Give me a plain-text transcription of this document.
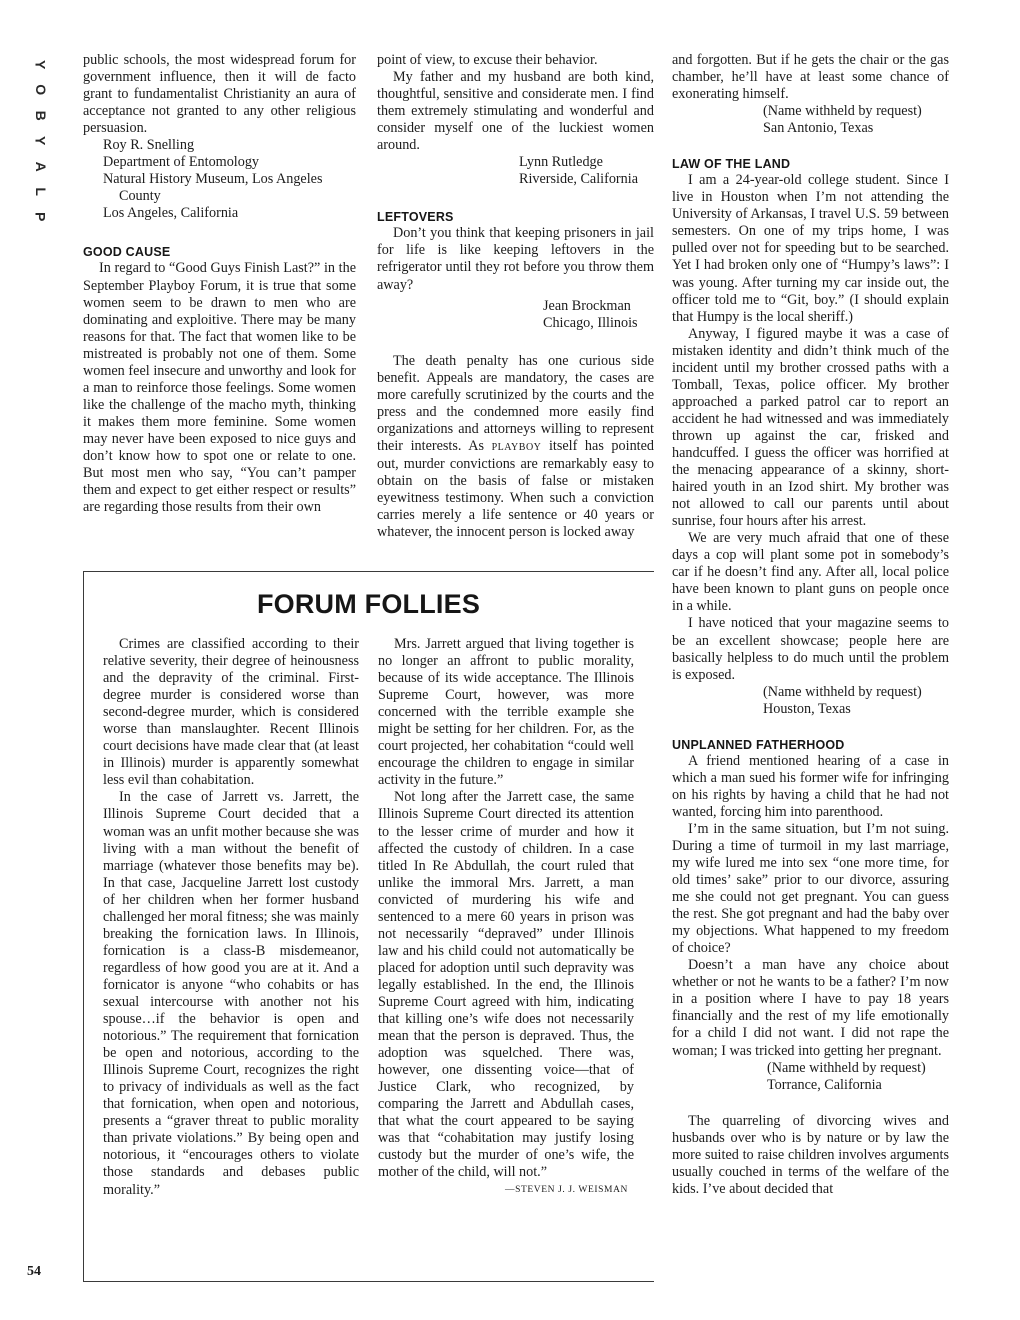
Y
O
B
Y
A
L
P

public schools, the most widespread forum for government influence, then it will de facto grant to fundamentalist Christianity an aura of acceptance not granted to any other religious persuasion.

Roy R. Snelling
Department of Entomology
Natural History Museum, Los Angeles
County
Los Angeles, California
GOOD CAUSE

In regard to “Good Guys Finish Last?” in the September Playboy Forum, it is true that some women seem to be drawn to men who are dominating and exploitive. There may be many reasons for that. The fact that women like to be mistreated is probably not one of them. Some women feel insecure and unworthy and look for a man to reinforce those feelings. Some women like the challenge of the macho myth, thinking it makes them more feminine. Some women may never have been exposed to nice guys and don’t know how to spot one or relate to one. But most men who say, “You can’t pamper them and expect to get either respect or results” are regarding those results from their own

point of view, to excuse their behavior.

My father and my husband are both kind, thoughtful, sensitive and considerate men. I find them extremely stimulating and wonderful and consider myself one of the luckiest women around.

Lynn Rutledge
Riverside, California
LEFTOVERS

Don’t you think that keeping prisoners in jail for life is like keeping leftovers in the refrigerator until they rot before you throw them away?

Jean Brockman
Chicago, Illinois

The death penalty has one curious side benefit. Appeals are mandatory, the cases are more carefully scrutinized by the courts and the press and the condemned more easily find organizations and attorneys willing to represent their interests. As PLAYBOY itself has pointed out, murder convictions are remarkably easy to obtain on the basis of false or mistaken eyewitness testimony. When such a conviction carries merely a life sentence or 40 years or whatever, the innocent person is locked away

and forgotten. But if he gets the chair or the gas chamber, he’ll have at least some chance of exonerating himself.

(Name withheld by request)
San Antonio, Texas
LAW OF THE LAND

I am a 24-year-old college student. Since I live in Houston when I’m not attending the University of Arkansas, I travel U.S. 59 between semesters. On one of my trips home, I was pulled over not for speeding but to be searched. Yet I had broken only one of “Humpy’s laws”: I was young. After turning my car inside out, the officer told me to “Git, boy.” (I should explain that Humpy is the local sheriff.)

Anyway, I figured maybe it was a case of mistaken identity and didn’t think much of the incident until my brother crossed paths with a Tomball, Texas, police officer. My brother approached a parked patrol car to report an accident he had witnessed and was immediately thrown up against the car, frisked and handcuffed. I guess the officer was horrified at the menacing appearance of a skinny, short-haired youth in an Izod shirt. My brother was not allowed to call our parents until about sunrise, four hours after his arrest.

We are very much afraid that one of these days a cop will plant some pot in somebody’s car if he doesn’t find any. After all, local police have been known to plant guns on people once in a while.

I have noticed that your magazine seems to be an excellent showcase; people here are basically helpless to do much until the problem is exposed.

(Name withheld by request)
Houston, Texas
UNPLANNED FATHERHOOD

A friend mentioned hearing of a case in which a man sued his former wife for infringing on his rights by having a child that he had not wanted, forcing him into parenthood.

I’m in the same situation, but I’m not suing. During a time of turmoil in my last marriage, my wife lured me into sex “one more time, for old times’ sake” prior to our divorce, assuring me she could not get pregnant. You can guess the rest. She got pregnant and had the baby over my objections. What happened to my freedom of choice?

Doesn’t a man have any choice about whether or not he wants to be a father? I’m now in a position where I have to pay 18 years financially and the rest of my life emotionally for a child I did not want. I did not rape the woman; I was tricked into getting her pregnant.

(Name withheld by request)
Torrance, California

The quarreling of divorcing wives and husbands over who is by nature or by law the more suited to raise children involves arguments usually couched in terms of the welfare of the kids. I’ve about decided that

FORUM FOLLIES

Crimes are classified according to their relative severity, their degree of heinousness and the depravity of the criminal. First-degree murder is considered worse than second-degree murder, which is considered worse than manslaughter. Recent Illinois court decisions have made clear that (at least in Illinois) murder is apparently somewhat less evil than cohabitation.

In the case of Jarrett vs. Jarrett, the Illinois Supreme Court decided that a woman was an unfit mother because she was living with a man without the benefit of marriage (whatever those benefits may be). In that case, Jacqueline Jarrett lost custody of her children when her former husband challenged her moral fitness; she was mainly breaking the fornication laws. In Illinois, fornication is a class-B misdemeanor, regardless of how good you are at it. And a fornicator is anyone “who cohabits or has sexual intercourse with another not his spouse…if the behavior is open and notorious.” The requirement that fornication be open and notorious, according to the Illinois Supreme Court, recognizes the right to privacy of individuals as well as the fact that fornication, when open and notorious, presents a “graver threat to public morality than private violations.” By being open and notorious, it “encourages others to violate those standards and debases public morality.”

Mrs. Jarrett argued that living together is no longer an affront to public morality, because of its wide acceptance. The Illinois Supreme Court, however, was more concerned with the terrible example she might be setting for her children. For, as the court projected, her cohabitation “could well encourage the children to engage in similar activity in the future.”

Not long after the Jarrett case, the same Illinois Supreme Court directed its attention to the lesser crime of murder and how it affected the custody of children. In a case titled In Re Abdullah, the court ruled that unlike the immoral Mrs. Jarrett, a man convicted of murdering his wife and sentenced to a mere 60 years in prison was not necessarily “depraved” under Illinois law and his child could not automatically be placed for adoption until such depravity was legally established. In the end, the Illinois Supreme Court agreed with him, indicating that killing one’s wife does not necessarily mean that the person is depraved. Thus, the adoption was squelched. There was, however, one dissenting voice—that of Justice Clark, who recognized, by comparing the Jarrett and Abdullah cases, that what the court appeared to be saying was that “cohabitation may justify losing custody but the murder of one’s wife, the mother of the child, will not.”
—STEVEN J. J. WEISMAN

54
